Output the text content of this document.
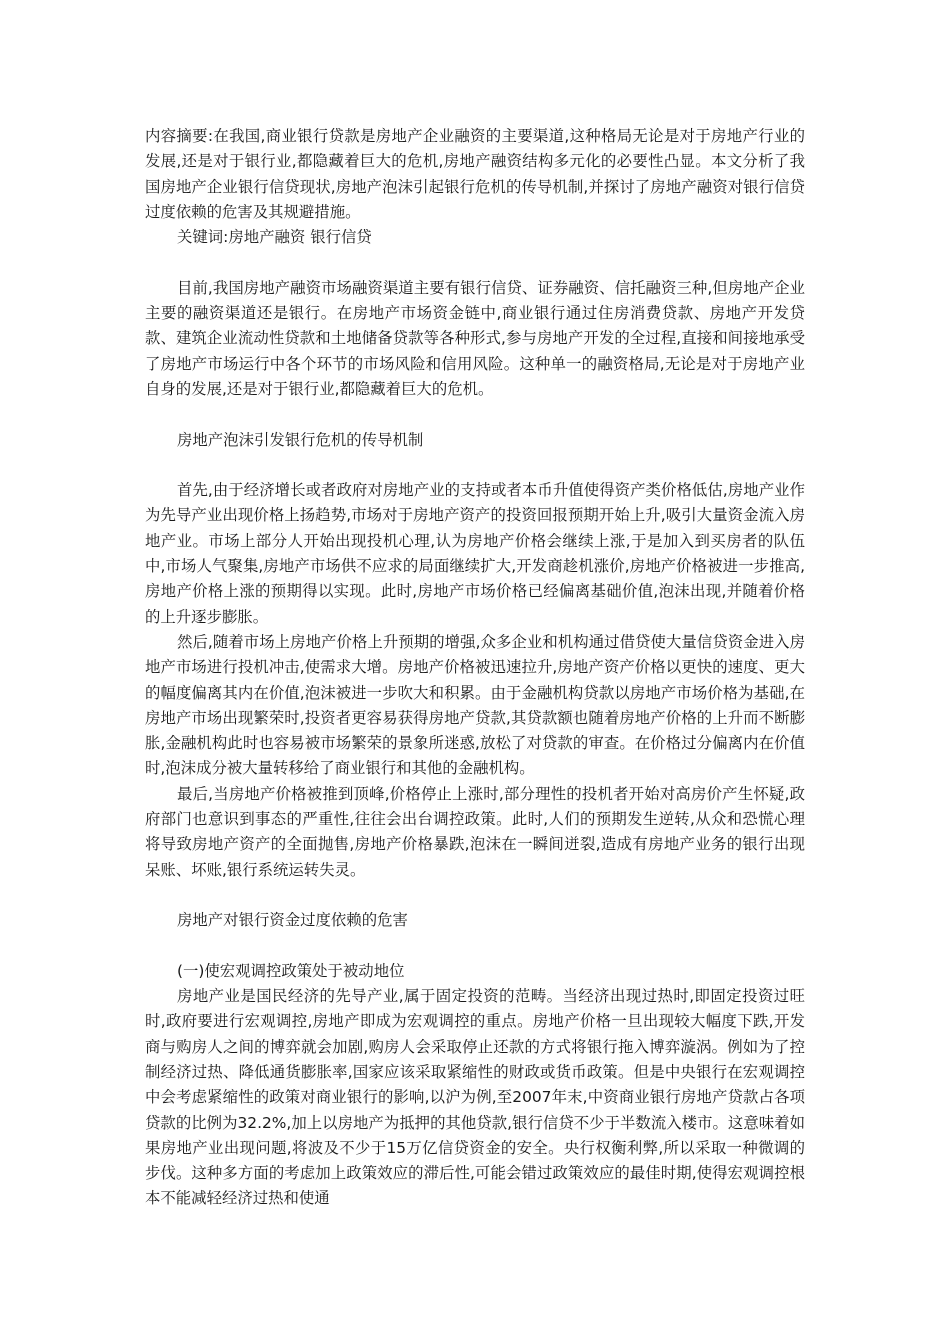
内容摘要:在我国,商业银行贷款是房地产企业融资的主要渠道,这种格局无论是对于房地产行业的发展,还是对于银行业,都隐藏着巨大的危机,房地产融资结构多元化的必要性凸显。本文分析了我国房地产企业银行信贷现状,房地产泡沫引起银行危机的传导机制,并探讨了房地产融资对银行信贷过度依赖的危害及其规避措施。

关键词:房地产融资 银行信贷

目前,我国房地产融资市场融资渠道主要有银行信贷、证券融资、信托融资三种,但房地产企业主要的融资渠道还是银行。在房地产市场资金链中,商业银行通过住房消费贷款、房地产开发贷款、建筑企业流动性贷款和土地储备贷款等各种形式,参与房地产开发的全过程,直接和间接地承受了房地产市场运行中各个环节的市场风险和信用风险。这种单一的融资格局,无论是对于房地产业自身的发展,还是对于银行业,都隐藏着巨大的危机。

房地产泡沫引发银行危机的传导机制

首先,由于经济增长或者政府对房地产业的支持或者本币升值使得资产类价格低估,房地产业作为先导产业出现价格上扬趋势,市场对于房地产资产的投资回报预期开始上升,吸引大量资金流入房地产业。市场上部分人开始出现投机心理,认为房地产价格会继续上涨,于是加入到买房者的队伍中,市场人气聚集,房地产市场供不应求的局面继续扩大,开发商趁机涨价,房地产价格被进一步推高,房地产价格上涨的预期得以实现。此时,房地产市场价格已经偏离基础价值,泡沫出现,并随着价格的上升逐步膨胀。

然后,随着市场上房地产价格上升预期的增强,众多企业和机构通过借贷使大量信贷资金进入房地产市场进行投机冲击,使需求大增。房地产价格被迅速拉升,房地产资产价格以更快的速度、更大的幅度偏离其内在价值,泡沫被进一步吹大和积累。由于金融机构贷款以房地产市场价格为基础,在房地产市场出现繁荣时,投资者更容易获得房地产贷款,其贷款额也随着房地产价格的上升而不断膨胀,金融机构此时也容易被市场繁荣的景象所迷惑,放松了对贷款的审查。在价格过分偏离内在价值时,泡沫成分被大量转移给了商业银行和其他的金融机构。

最后,当房地产价格被推到顶峰,价格停止上涨时,部分理性的投机者开始对高房价产生怀疑,政府部门也意识到事态的严重性,往往会出台调控政策。此时,人们的预期发生逆转,从众和恐慌心理将导致房地产资产的全面抛售,房地产价格暴跌,泡沫在一瞬间迸裂,造成有房地产业务的银行出现呆账、坏账,银行系统运转失灵。

房地产对银行资金过度依赖的危害

(一)使宏观调控政策处于被动地位

房地产业是国民经济的先导产业,属于固定投资的范畴。当经济出现过热时,即固定投资过旺时,政府要进行宏观调控,房地产即成为宏观调控的重点。房地产价格一旦出现较大幅度下跌,开发商与购房人之间的博弈就会加剧,购房人会采取停止还款的方式将银行拖入博弈漩涡。例如为了控制经济过热、降低通货膨胀率,国家应该采取紧缩性的财政或货币政策。但是中央银行在宏观调控中会考虑紧缩性的政策对商业银行的影响,以沪为例,至2007年末,中资商业银行房地产贷款占各项贷款的比例为32.2%,加上以房地产为抵押的其他贷款,银行信贷不少于半数流入楼市。这意味着如果房地产业出现问题,将波及不少于15万亿信贷资金的安全。央行权衡利弊,所以采取一种微调的步伐。这种多方面的考虑加上政策效应的滞后性,可能会错过政策效应的最佳时期,使得宏观调控根本不能减轻经济过热和使通
